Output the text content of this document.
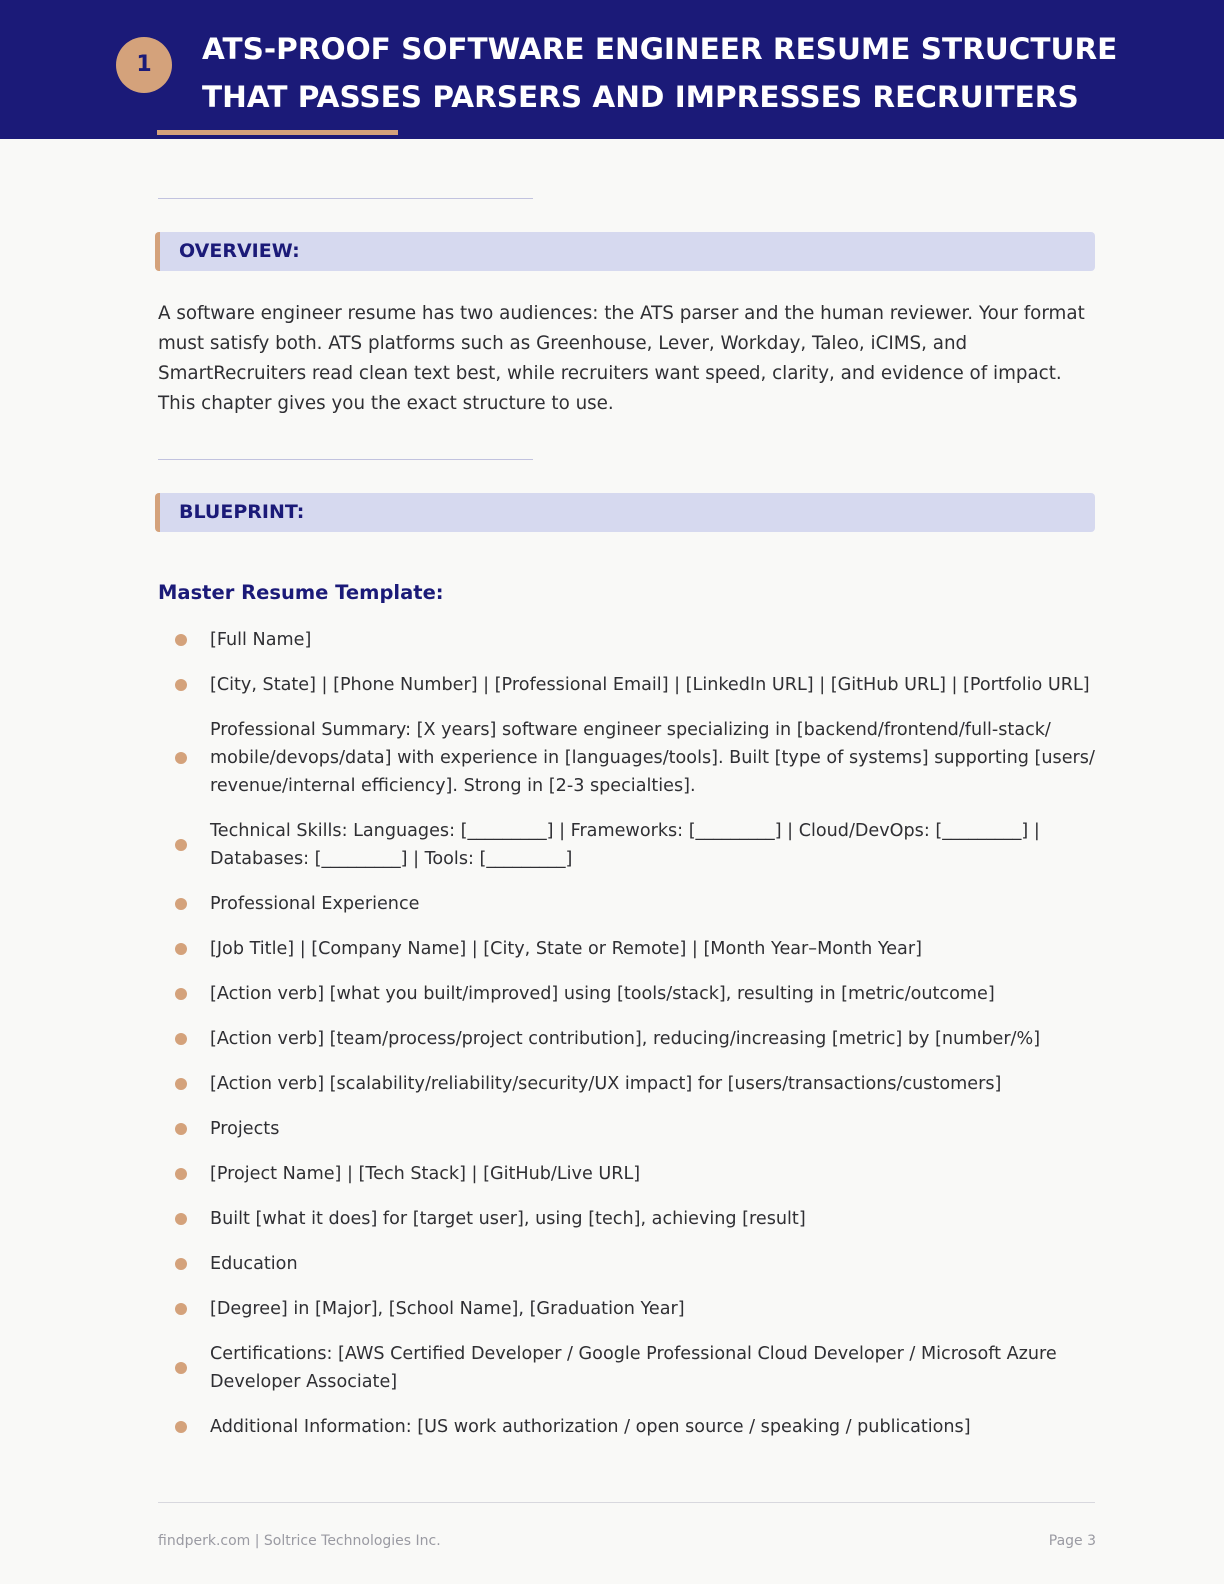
1	ATS-PROOF SOFTWARE ENGINEER RESUME STRUCTURE THAT PASSES PARSERS AND IMPRESSES RECRUITERS
OVERVIEW:

A software engineer resume has two audiences: the ATS parser and the human reviewer. Your format must satisfy both. ATS platforms such as Greenhouse, Lever, Workday, Taleo, iCIMS, and SmartRecruiters read clean text best, while recruiters want speed, clarity, and evidence of impact. This chapter gives you the exact structure to use.

BLUEPRINT:
Master Resume Template:
[Full Name]
[City, State] | [Phone Number] | [Professional Email] | [LinkedIn URL] | [GitHub URL] | [Portfolio URL]
Professional Summary: [X years] software engineer specializing in [backend/frontend/full-stack/ mobile/devops/data] with experience in [languages/tools]. Built [type of systems] supporting [users/ revenue/internal efficiency]. Strong in [2-3 specialties].
Technical Skills: Languages: [_________] | Frameworks: [_________] | Cloud/DevOps: [_________] | Databases: [_________] | Tools: [_________]
Professional Experience
[Job Title] | [Company Name] | [City, State or Remote] | [Month Year–Month Year]
[Action verb] [what you built/improved] using [tools/stack], resulting in [metric/outcome]
[Action verb] [team/process/project contribution], reducing/increasing [metric] by [number/%]
[Action verb] [scalability/reliability/security/UX impact] for [users/transactions/customers]
Projects
[Project Name] | [Tech Stack] | [GitHub/Live URL]
Built [what it does] for [target user], using [tech], achieving [result]
Education
[Degree] in [Major], [School Name], [Graduation Year]
Certifications: [AWS Certified Developer / Google Professional Cloud Developer / Microsoft Azure Developer Associate]
Additional Information: [US work authorization / open source / speaking / publications]
findperk.com | Soltrice Technologies Inc.	Page 3
